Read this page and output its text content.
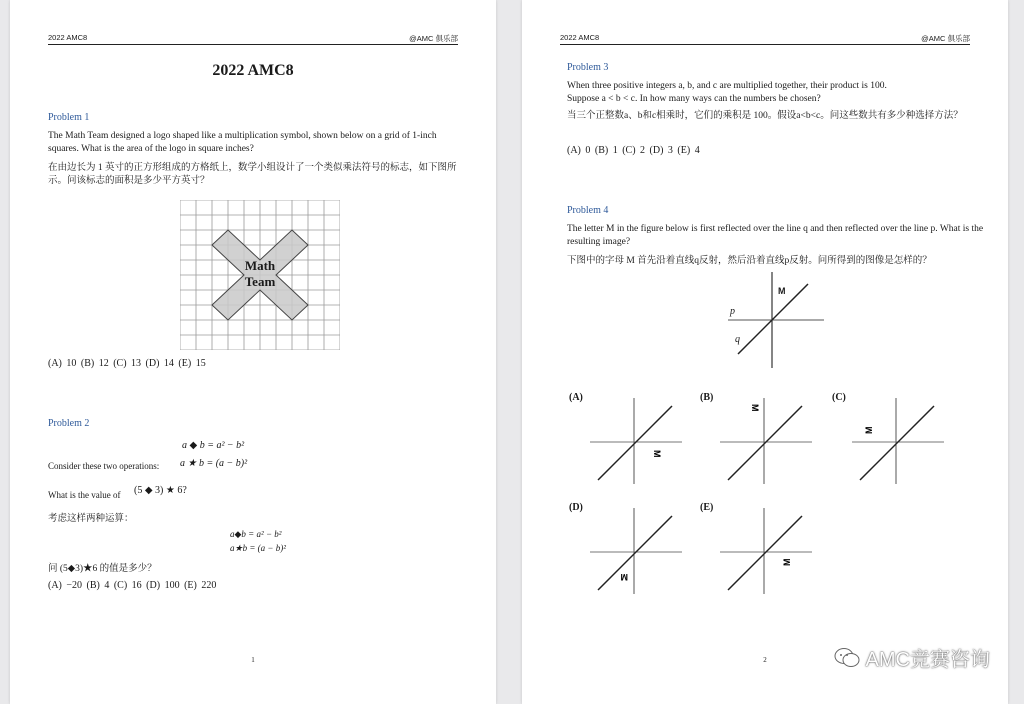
2022 AMC8	@AMC 俱乐部
2022 AMC8
Problem 1
The Math Team designed a logo shaped like a multiplication symbol, shown below on a grid of 1-inch squares. What is the area of the logo in square inches?
在由边长为 1 英寸的正方形组成的方格纸上，数学小组设计了一个类似乘法符号的标志，如下图所示。问该标志的面积是多少平方英寸？
Math
Team
(A) 10 (B) 12 (C) 13 (D) 14 (E) 15
Problem 2
a ◆ b = a² − b²
Consider these two operations: a ★ b = (a − b)²
What is the value of (5 ◆ 3) ★ 6?
考虑这样两种运算：
a◆b = a² − b²
a★b = (a − b)²
问 (5◆3)★6 的值是多少？
(A) −20 (B) 4 (C) 16 (D) 100 (E) 220
1
2022 AMC8	@AMC 俱乐部
Problem 3
When three positive integers a, b, and c are multiplied together, their product is 100.
Suppose a < b < c. In how many ways can the numbers be chosen?
当三个正整数a、b和c相乘时，它们的乘积是 100。假设a<b<c。问这些数共有多少种选择方法？
(A) 0 (B) 1 (C) 2 (D) 3 (E) 4
Problem 4
The letter M in the figure below is first reflected over the line q and then reflected over the line p. What is the resulting image?
下图中的字母 M 首先沿着直线q反射，然后沿着直线p反射。问所得到的图像是怎样的？
M
p
q
(A)
M
(B)
M
(C)
M
(D)
M
(E)
M
2	AMC竞赛咨询
